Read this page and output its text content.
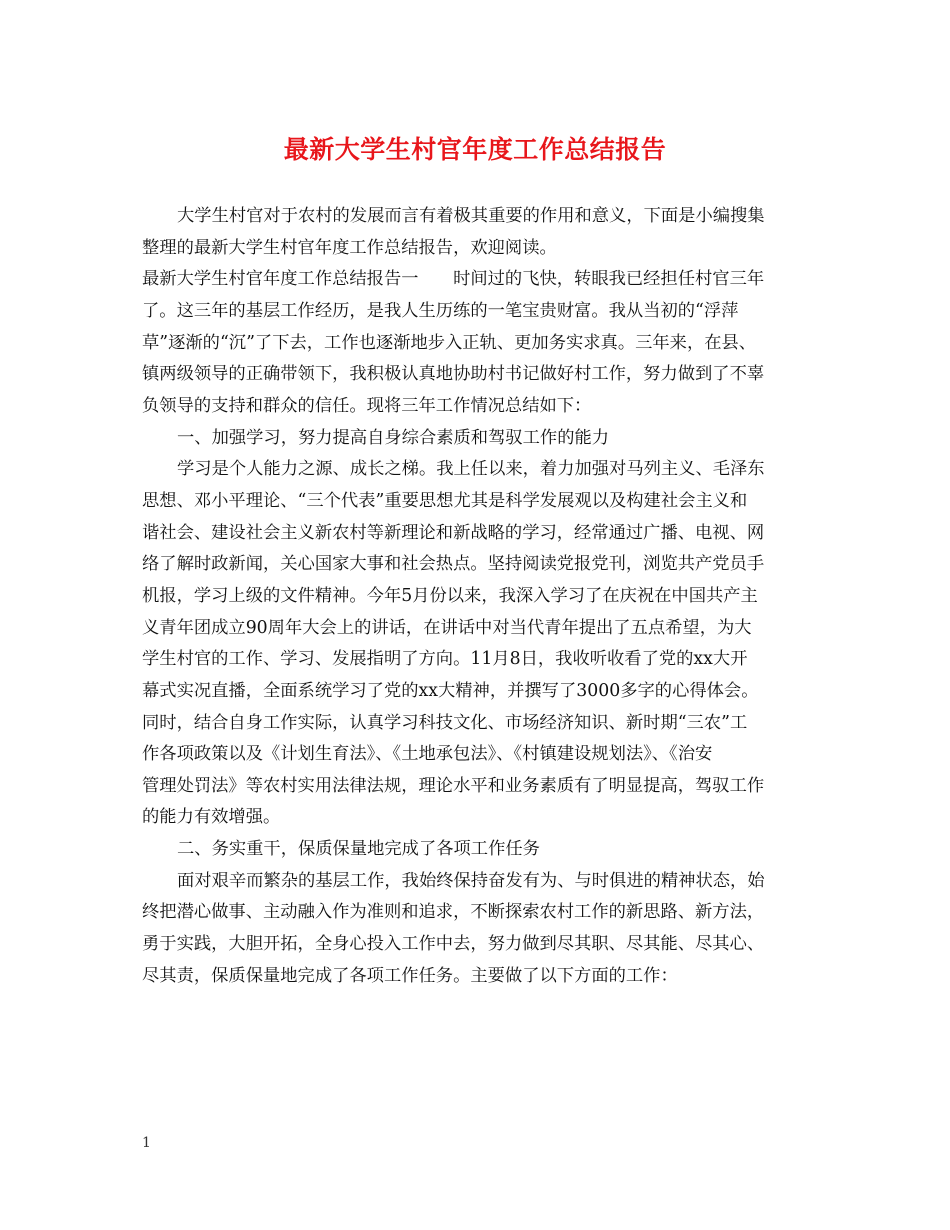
最新大学生村官年度工作总结报告
大学生村官对于农村的发展而言有着极其重要的作用和意义，下面是小编搜集
整理的最新大学生村官年度工作总结报告，欢迎阅读。
最新大学生村官年度工作总结报告一　　时间过的飞快，转眼我已经担任村官三年
了。这三年的基层工作经历，是我人生历练的一笔宝贵财富。我从当初的“浮萍
草”逐渐的“沉”了下去，工作也逐渐地步入正轨、更加务实求真。三年来，在县、
镇两级领导的正确带领下，我积极认真地协助村书记做好村工作，努力做到了不辜
负领导的支持和群众的信任。现将三年工作情况总结如下：
一、加强学习，努力提高自身综合素质和驾驭工作的能力
学习是个人能力之源、成长之梯。我上任以来，着力加强对马列主义、毛泽东
思想、邓小平理论、“三个代表”重要思想尤其是科学发展观以及构建社会主义和
谐社会、建设社会主义新农村等新理论和新战略的学习，经常通过广播、电视、网
络了解时政新闻，关心国家大事和社会热点。坚持阅读党报党刊，浏览共产党员手
机报，学习上级的文件精神。今年5月份以来，我深入学习了在庆祝在中国共产主
义青年团成立90周年大会上的讲话，在讲话中对当代青年提出了五点希望，为大
学生村官的工作、学习、发展指明了方向。11月8日，我收听收看了党的xx大开
幕式实况直播，全面系统学习了党的xx大精神，并撰写了3000多字的心得体会。
同时，结合自身工作实际，认真学习科技文化、市场经济知识、新时期“三农”工
作各项政策以及《计划生育法》、《土地承包法》、《村镇建设规划法》、《治安
管理处罚法》等农村实用法律法规，理论水平和业务素质有了明显提高，驾驭工作
的能力有效增强。
二、务实重干，保质保量地完成了各项工作任务
面对艰辛而繁杂的基层工作，我始终保持奋发有为、与时俱进的精神状态，始
终把潜心做事、主动融入作为准则和追求，不断探索农村工作的新思路、新方法，
勇于实践，大胆开拓，全身心投入工作中去，努力做到尽其职、尽其能、尽其心、
尽其责，保质保量地完成了各项工作任务。主要做了以下方面的工作：
1
